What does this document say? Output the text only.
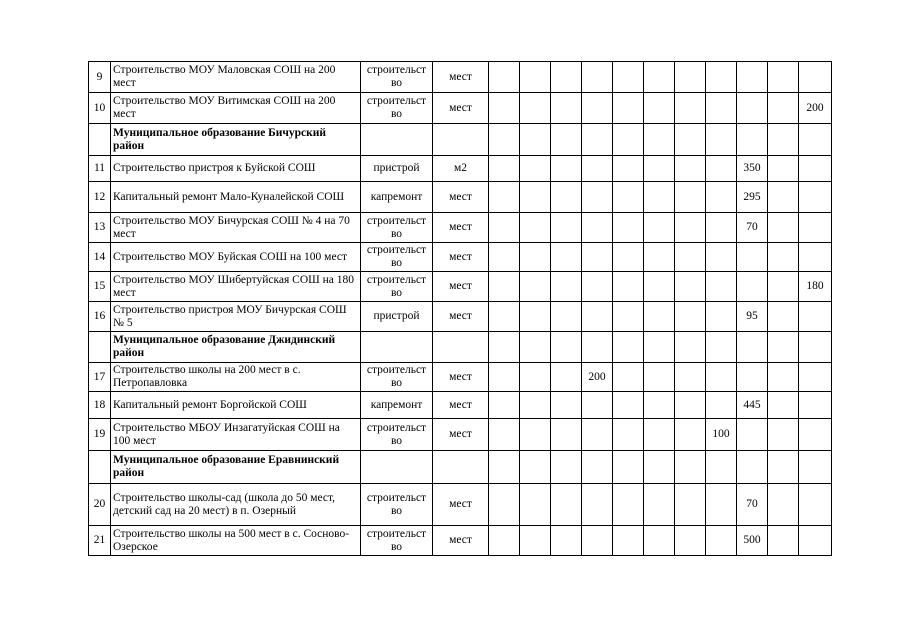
9	Строительство МОУ Маловская СОШ на 200 мест	строительст во	мест											
10	Строительство МОУ Витимская СОШ на 200 мест	строительст во	мест											200
	Муниципальное образование Бичурский район													
11	Строительство пристроя к Буйской СОШ	пристрой	м2									350		
12	Капитальный ремонт Мало-Куналейской СОШ	капремонт	мест									295		
13	Строительство МОУ Бичурская СОШ № 4 на 70 мест	строительст во	мест									70		
14	Строительство МОУ Буйская СОШ на 100 мест	строительст во	мест											
15	Строительство МОУ Шибертуйская СОШ на 180 мест	строительст во	мест											180
16	Строительство пристроя МОУ Бичурская СОШ № 5	пристрой	мест									95		
	Муниципальное образование Джидинский район													
17	Строительство школы на 200 мест в с. Петропавловка	строительст во	мест				200							
18	Капитальный ремонт Боргойской СОШ	капремонт	мест									445		
19	Строительство МБОУ Инзагатуйская СОШ на 100 мест	строительст во	мест								100			
	Муниципальное образование Еравнинский район													
20	Строительство школы-сад (школа до 50 мест, детский сад на 20 мест) в п. Озерный	строительст во	мест									70		
21	Строительство школы на 500 мест в с. Сосново-Озерское	строительст во	мест									500		
